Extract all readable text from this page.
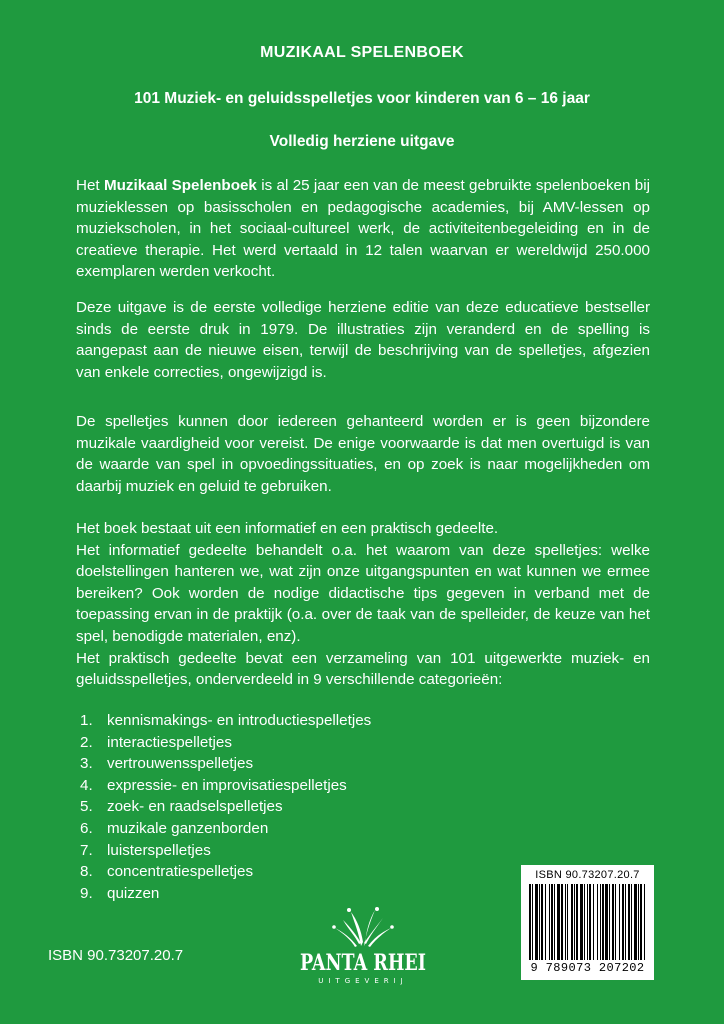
MUZIKAAL SPELENBOEK
101 Muziek- en geluidsspelletjes voor kinderen van 6 – 16 jaar
Volledig herziene uitgave

Het Muzikaal Spelenboek is al 25 jaar een van de meest gebruikte spelenboeken bij muzieklessen op basisscholen en pedagogische academies, bij AMV-lessen op muziekscholen, in het sociaal-cultureel werk, de activiteitenbegeleiding en in de creatieve therapie. Het werd vertaald in 12 talen waarvan er wereldwijd 250.000 exemplaren werden verkocht.

Deze uitgave is de eerste volledige herziene editie van deze educatieve bestseller sinds de eerste druk in 1979. De illustraties zijn veranderd en de spelling is aangepast aan de nieuwe eisen, terwijl de beschrijving van de spelletjes, afgezien van enkele correcties, ongewijzigd is.

De spelletjes kunnen door iedereen gehanteerd worden er is geen bijzondere muzikale vaardigheid voor vereist. De enige voorwaarde is dat men overtuigd is van de waarde van spel in opvoedingssituaties, en op zoek is naar mogelijkheden om daarbij muziek en geluid te gebruiken.

Het boek bestaat uit een informatief en een praktisch gedeelte.

Het informatief gedeelte behandelt o.a. het waarom van deze spelletjes: welke doelstellingen hanteren we, wat zijn onze uitgangspunten en wat kunnen we ermee bereiken? Ook worden de nodige didactische tips gegeven in verband met de toepassing ervan in de praktijk (o.a. over de taak van de spelleider, de keuze van het spel, benodigde materialen, enz).

Het praktisch gedeelte bevat een verzameling van 101 uitgewerkte muziek- en geluidsspelletjes, onderverdeeld in 9 verschillende categorieën:

1. kennismakings- en introductiespelletjes
2. interactiespelletjes
3. vertrouwensspelletjes
4. expressie- en improvisatiespelletjes
5. zoek- en raadselspelletjes
6. muzikale ganzenborden
7. luisterspelletjes
8. concentratiespelletjes
9. quizzen
ISBN 90.73207.20.7	PANTA RHEI
UITGEVERIJ
ISBN 90.73207.20.7
9 789073 207202
